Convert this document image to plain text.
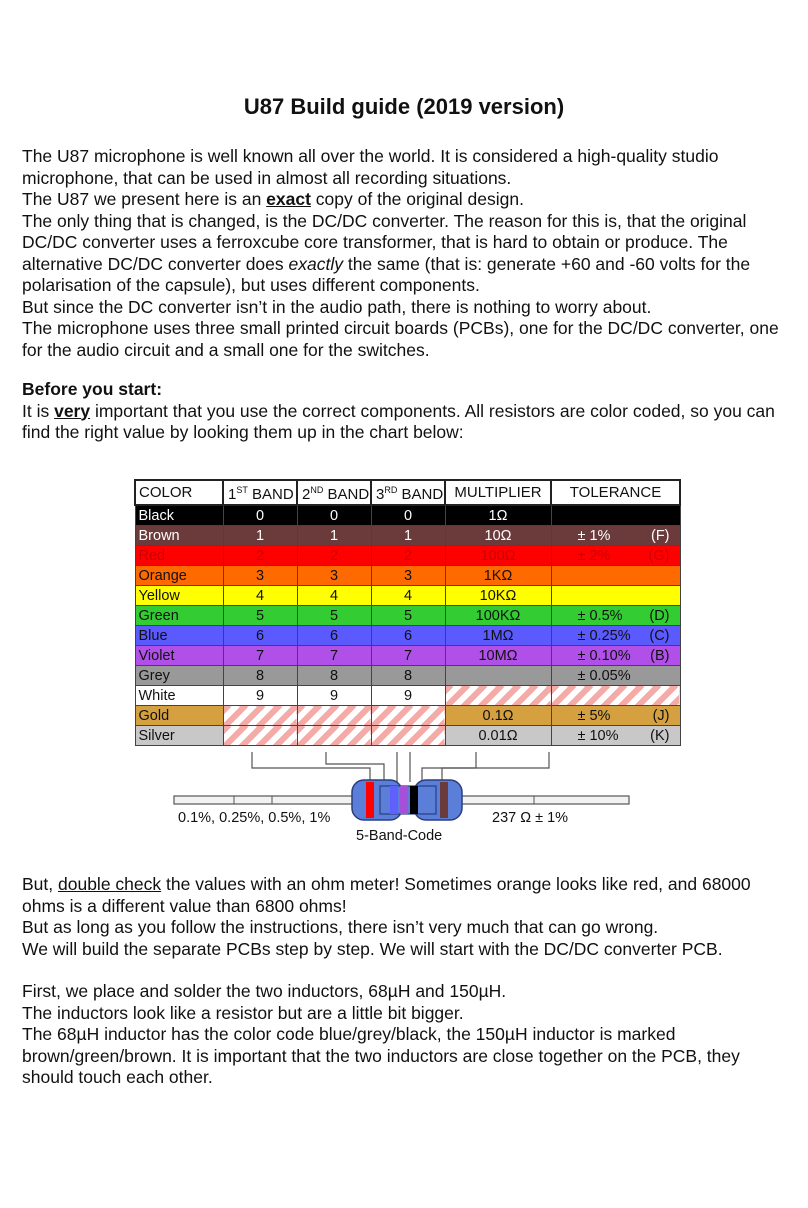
U87 Build guide (2019 version)

The U87 microphone is well known all over the world. It is considered a high-quality studio microphone, that can be used in almost all recording situations.

The U87 we present here is an exact copy of the original design.

The only thing that is changed, is the DC/DC converter. The reason for this is, that the original DC/DC converter uses a ferroxcube core transformer, that is hard to obtain or produce. The alternative DC/DC converter does exactly the same (that is: generate +60 and -60 volts for the polarisation of the capsule), but uses different components.

But since the DC converter isn’t in the audio path, there is nothing to worry about.

The microphone uses three small printed circuit boards (PCBs), one for the DC/DC converter, one for the audio circuit and a small one for the switches.

Before you start:

It is very important that you use the correct components. All resistors are color coded, so you can find the right value by looking them up in the chart below:

COLOR	1ST BAND	2ND BAND	3RD BAND	MULTIPLIER	TOLERANCE
Black	0	0	0	1Ω	

Brown	1	1	1	10Ω	± 1% (F)

Red	2	2	2	100Ω	± 2% (G)

Orange	3	3	3	1KΩ	

Yellow	4	4	4	10KΩ	

Green	5	5	5	100KΩ	± 0.5% (D)

Blue	6	6	6	1MΩ	± 0.25% (C)

Violet	7	7	7	10MΩ	± 0.10% (B)

Grey	8	8	8		± 0.05%

White	9	9	9		

Gold				0.1Ω	± 5% (J)

Silver				0.01Ω	± 10% (K)
0.1%, 0.25%, 0.5%, 1%	237 Ω ± 1%
5-Band-Code

But, double check the values with an ohm meter! Sometimes orange looks like red, and 68000 ohms is a different value than 6800 ohms!

But as long as you follow the instructions, there isn’t very much that can go wrong.

We will build the separate PCBs step by step. We will start with the DC/DC converter PCB.

First, we place and solder the two inductors, 68µH and 150µH.

The inductors look like a resistor but are a little bit bigger.

The 68µH inductor has the color code blue/grey/black, the 150µH inductor is marked brown/green/brown. It is important that the two inductors are close together on the PCB, they should touch each other.
